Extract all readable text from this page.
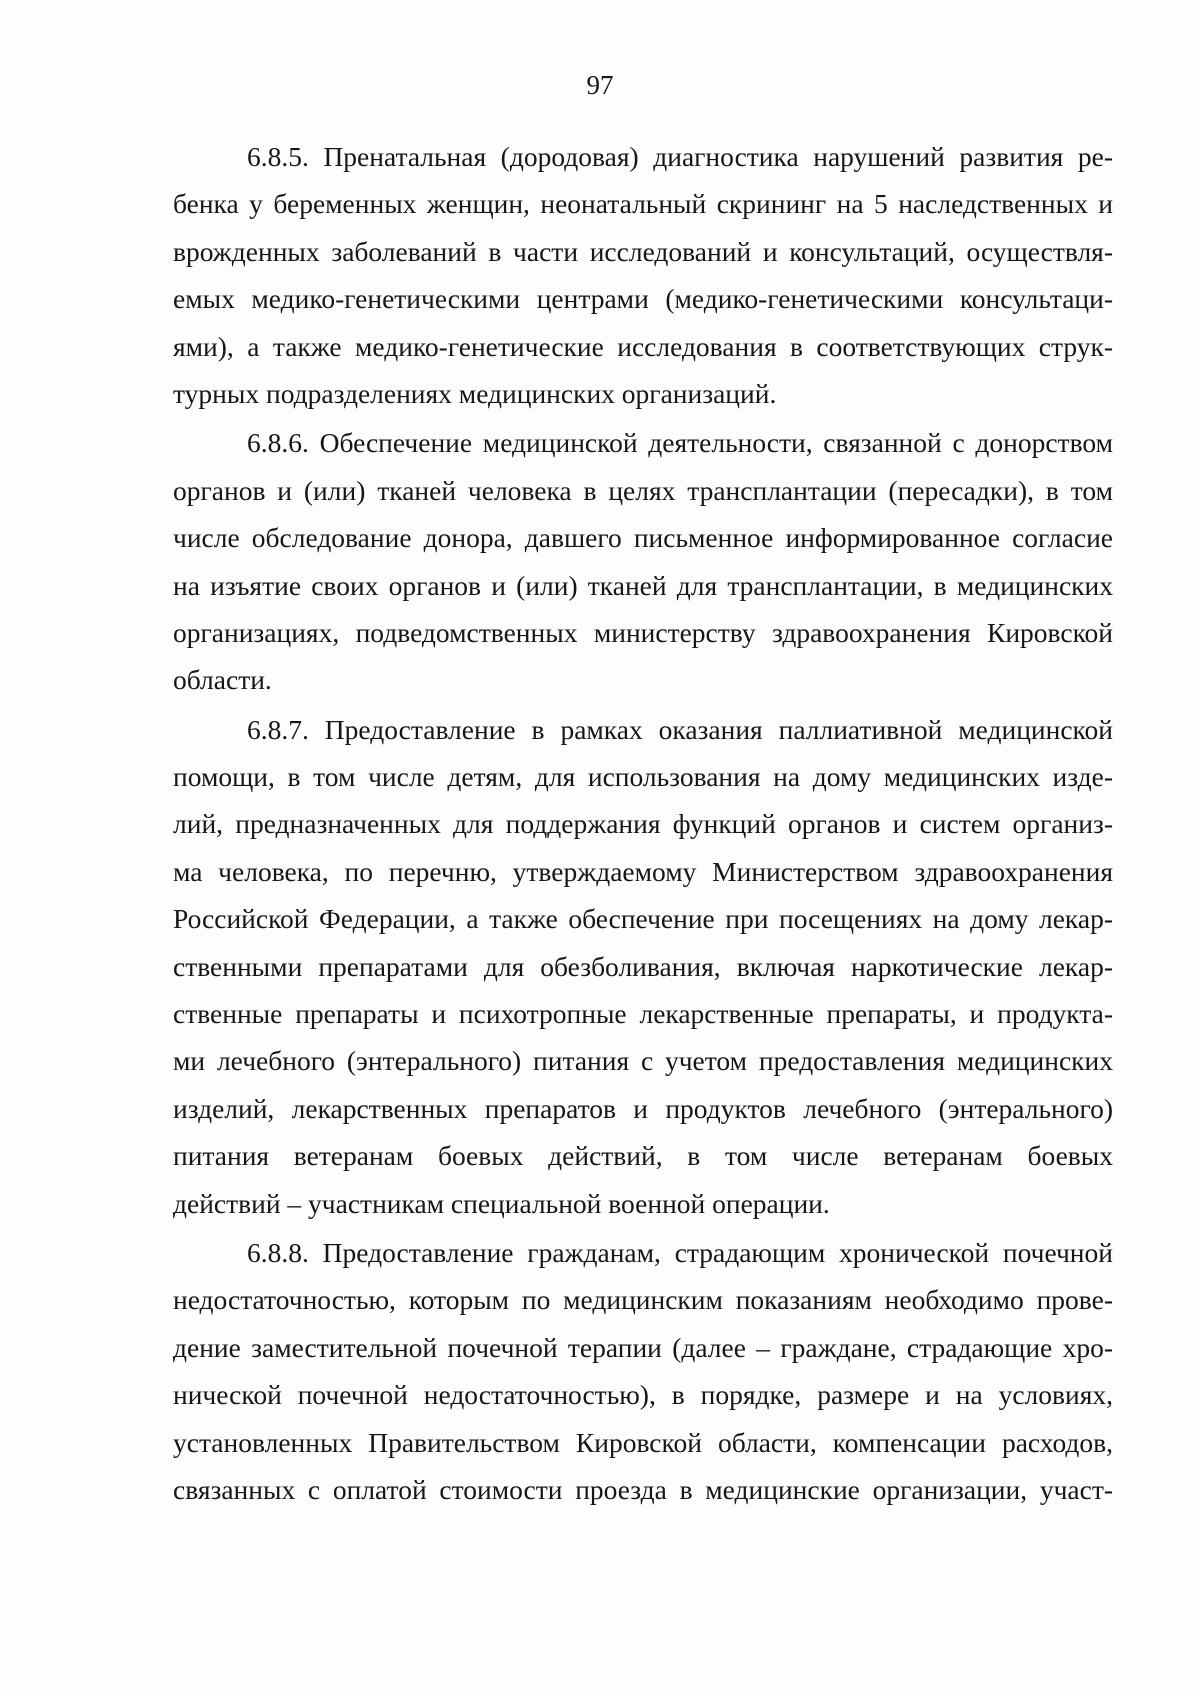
97

6.8.5. Пренатальная (дородовая) диагностика нарушений развития ре-
бенка у беременных женщин, неонатальный скрининг на 5 наследственных и
врожденных заболеваний в части исследований и консультаций, осуществля-
емых медико-генетическими центрами (медико-генетическими консультаци-
ями), а также медико-генетические исследования в соответствующих струк-
турных подразделениях медицинских организаций.

6.8.6. Обеспечение медицинской деятельности, связанной с донорством
органов и (или) тканей человека в целях трансплантации (пересадки), в том
числе обследование донора, давшего письменное информированное согласие
на изъятие своих органов и (или) тканей для трансплантации, в медицинских
организациях, подведомственных министерству здравоохранения Кировской
области.

6.8.7. Предоставление в рамках оказания паллиативной медицинской
помощи, в том числе детям, для использования на дому медицинских изде-
лий, предназначенных для поддержания функций органов и систем организ-
ма человека, по перечню, утверждаемому Министерством здравоохранения
Российской Федерации, а также обеспечение при посещениях на дому лекар-
ственными препаратами для обезболивания, включая наркотические лекар-
ственные препараты и психотропные лекарственные препараты, и продукта-
ми лечебного (энтерального) питания с учетом предоставления медицинских
изделий, лекарственных препаратов и продуктов лечебного (энтерального)
питания ветеранам боевых действий, в том числе ветеранам боевых
действий – участникам специальной военной операции.

6.8.8. Предоставление гражданам, страдающим хронической почечной
недостаточностью, которым по медицинским показаниям необходимо прове-
дение заместительной почечной терапии (далее – граждане, страдающие хро-
нической почечной недостаточностью), в порядке, размере и на условиях,
установленных Правительством Кировской области, компенсации расходов,
связанных с оплатой стоимости проезда в медицинские организации, участ-
